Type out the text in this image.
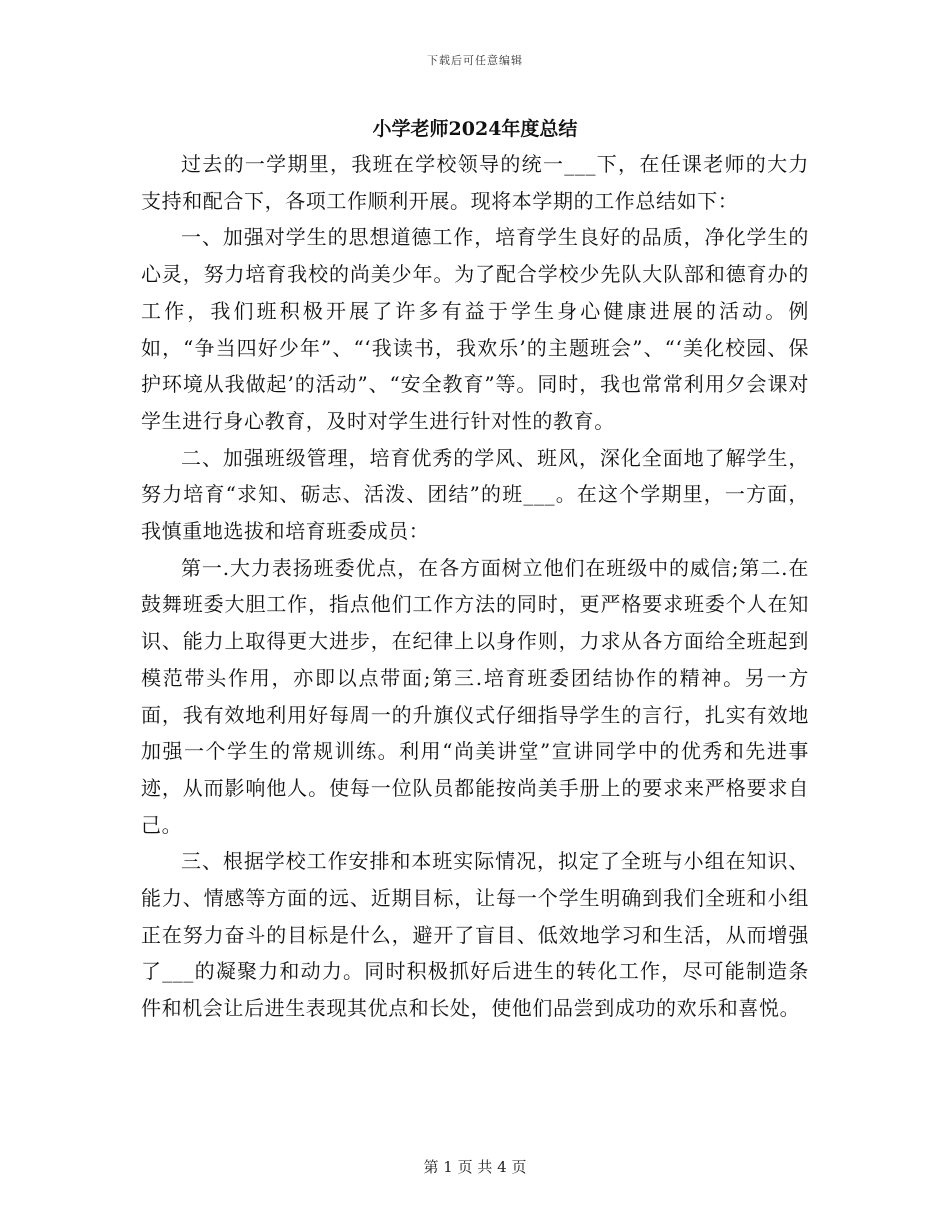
下载后可任意编辑
小学老师2024年度总结

过去的一学期里，我班在学校领导的统一___下，在任课老师的大力支持和配合下，各项工作顺利开展。现将本学期的工作总结如下：

一、加强对学生的思想道德工作，培育学生良好的品质，净化学生的心灵，努力培育我校的尚美少年。为了配合学校少先队大队部和德育办的工作，我们班积极开展了许多有益于学生身心健康进展的活动。例如，“争当四好少年”、“‘我读书，我欢乐’的主题班会”、“‘美化校园、保护环境从我做起’的活动”、“安全教育”等。同时，我也常常利用夕会课对学生进行身心教育，及时对学生进行针对性的教育。

二、加强班级管理，培育优秀的学风、班风，深化全面地了解学生，努力培育“求知、砺志、活泼、团结”的班___。在这个学期里，一方面，我慎重地选拔和培育班委成员：

第一.大力表扬班委优点，在各方面树立他们在班级中的威信;第二.在鼓舞班委大胆工作，指点他们工作方法的同时，更严格要求班委个人在知识、能力上取得更大进步，在纪律上以身作则，力求从各方面给全班起到模范带头作用，亦即以点带面;第三.培育班委团结协作的精神。另一方面，我有效地利用好每周一的升旗仪式仔细指导学生的言行，扎实有效地加强一个学生的常规训练。利用“尚美讲堂”宣讲同学中的优秀和先进事迹，从而影响他人。使每一位队员都能按尚美手册上的要求来严格要求自己。

三、根据学校工作安排和本班实际情况，拟定了全班与小组在知识、能力、情感等方面的远、近期目标，让每一个学生明确到我们全班和小组正在努力奋斗的目标是什么，避开了盲目、低效地学习和生活，从而增强了___的凝聚力和动力。同时积极抓好后进生的转化工作，尽可能制造条件和机会让后进生表现其优点和长处，使他们品尝到成功的欢乐和喜悦。

第 1 页 共 4 页
